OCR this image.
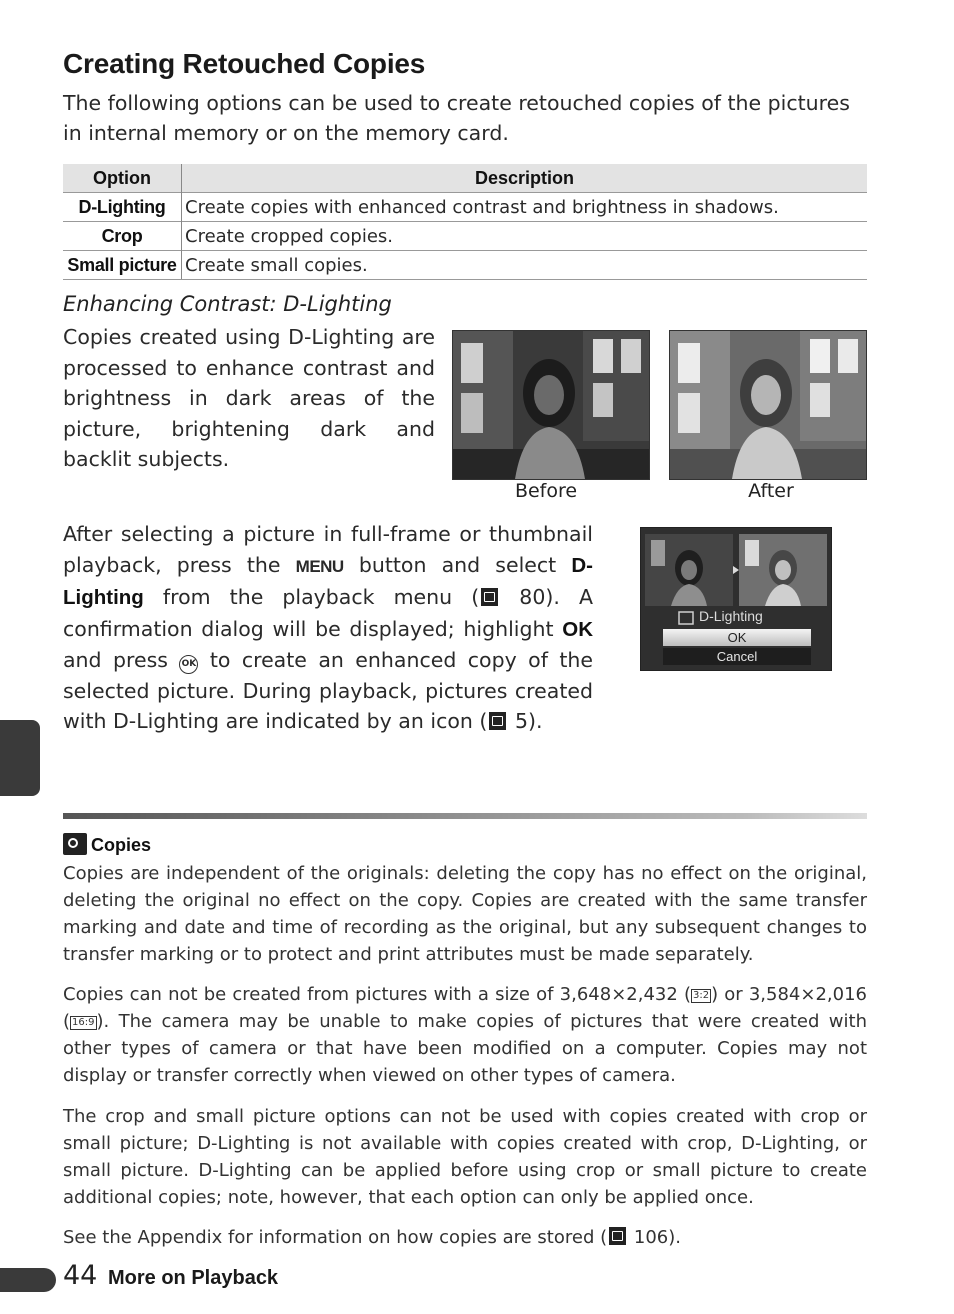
Creating Retouched Copies
The following options can be used to create retouched copies of the pictures in internal memory or on the memory card.
Option	Description
D-Lighting	Create copies with enhanced contrast and brightness in shadows.
Crop	Create cropped copies.
Small picture	Create small copies.
Enhancing Contrast: D-Lighting
Copies created using D-Lighting are processed to enhance contrast and brightness in dark areas of the picture, brightening dark and backlit subjects.
Before	After
After selecting a picture in full-frame or thumbnail playback, press the MENU button and select D-Lighting from the playback menu ( 80). A confirmation dialog will be displayed; highlight OK and press OK to create an enhanced copy of the selected picture. During playback, pictures created with D-Lighting are indicated by an icon ( 5).
D-Lighting
OK
Cancel
Copies
Copies are independent of the originals: deleting the copy has no effect on the original, deleting the original no effect on the copy. Copies are created with the same transfer marking and date and time of recording as the original, but any subsequent changes to transfer marking or to protect and print attributes must be made separately.
Copies can not be created from pictures with a size of 3,648×2,432 ( 3:2 ) or 3,584×2,016 ( 16:9 ). The camera may be unable to make copies of pictures that were created with other types of camera or that have been modified on a computer. Copies may not display or transfer correctly when viewed on other types of camera.
The crop and small picture options can not be used with copies created with crop or small picture; D-Lighting is not available with copies created with crop, D-Lighting, or small picture. D-Lighting can be applied before using crop or small picture to create additional copies; note, however, that each option can only be applied once.
See the Appendix for information on how copies are stored ( 106).
44 More on Playback
